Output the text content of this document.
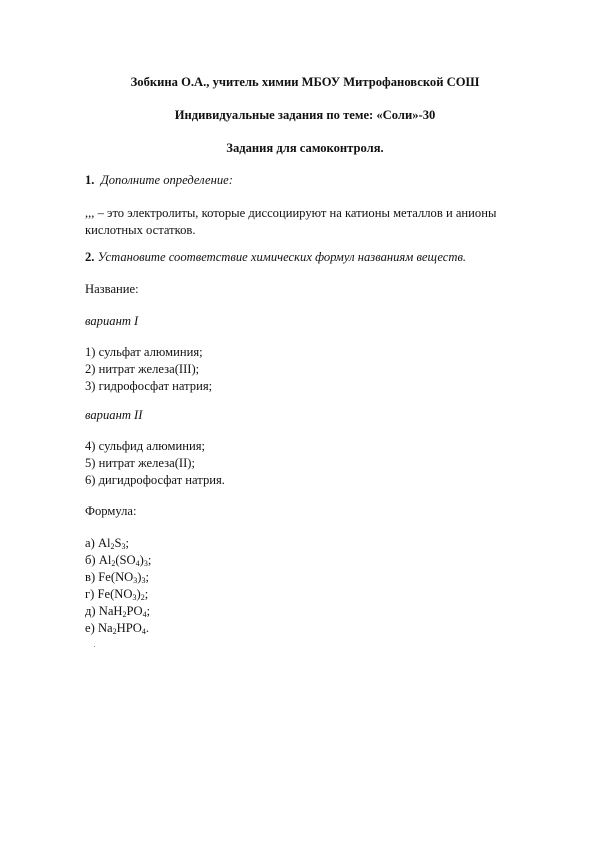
Зобкина О.А., учитель химии МБОУ Митрофановской СОШ
Индивидуальные задания по теме: «Соли»-30
Задания для самоконтроля.
1. Дополните определение:
,,, – это электролиты, которые диссоциируют на катионы металлов и анионы
кислотных остатков.
2. Установите соответствие химических формул названиям веществ.
Название:
вариант I
1) сульфат алюминия;
2) нитрат железа(III);
3) гидрофосфат натрия;
вариант II
4) сульфид алюминия;
5) нитрат железа(II);
6) дигидрофосфат натрия.
Формула:
а) $Al_2S_3$;
б) $Al_2(SO_4)_3$;
в) $Fe(NO_3)_3$;
г) $Fe(NO_3)_2$;
д) $NaH_2PO_4$;
е) $Na_2HPO_4$.
